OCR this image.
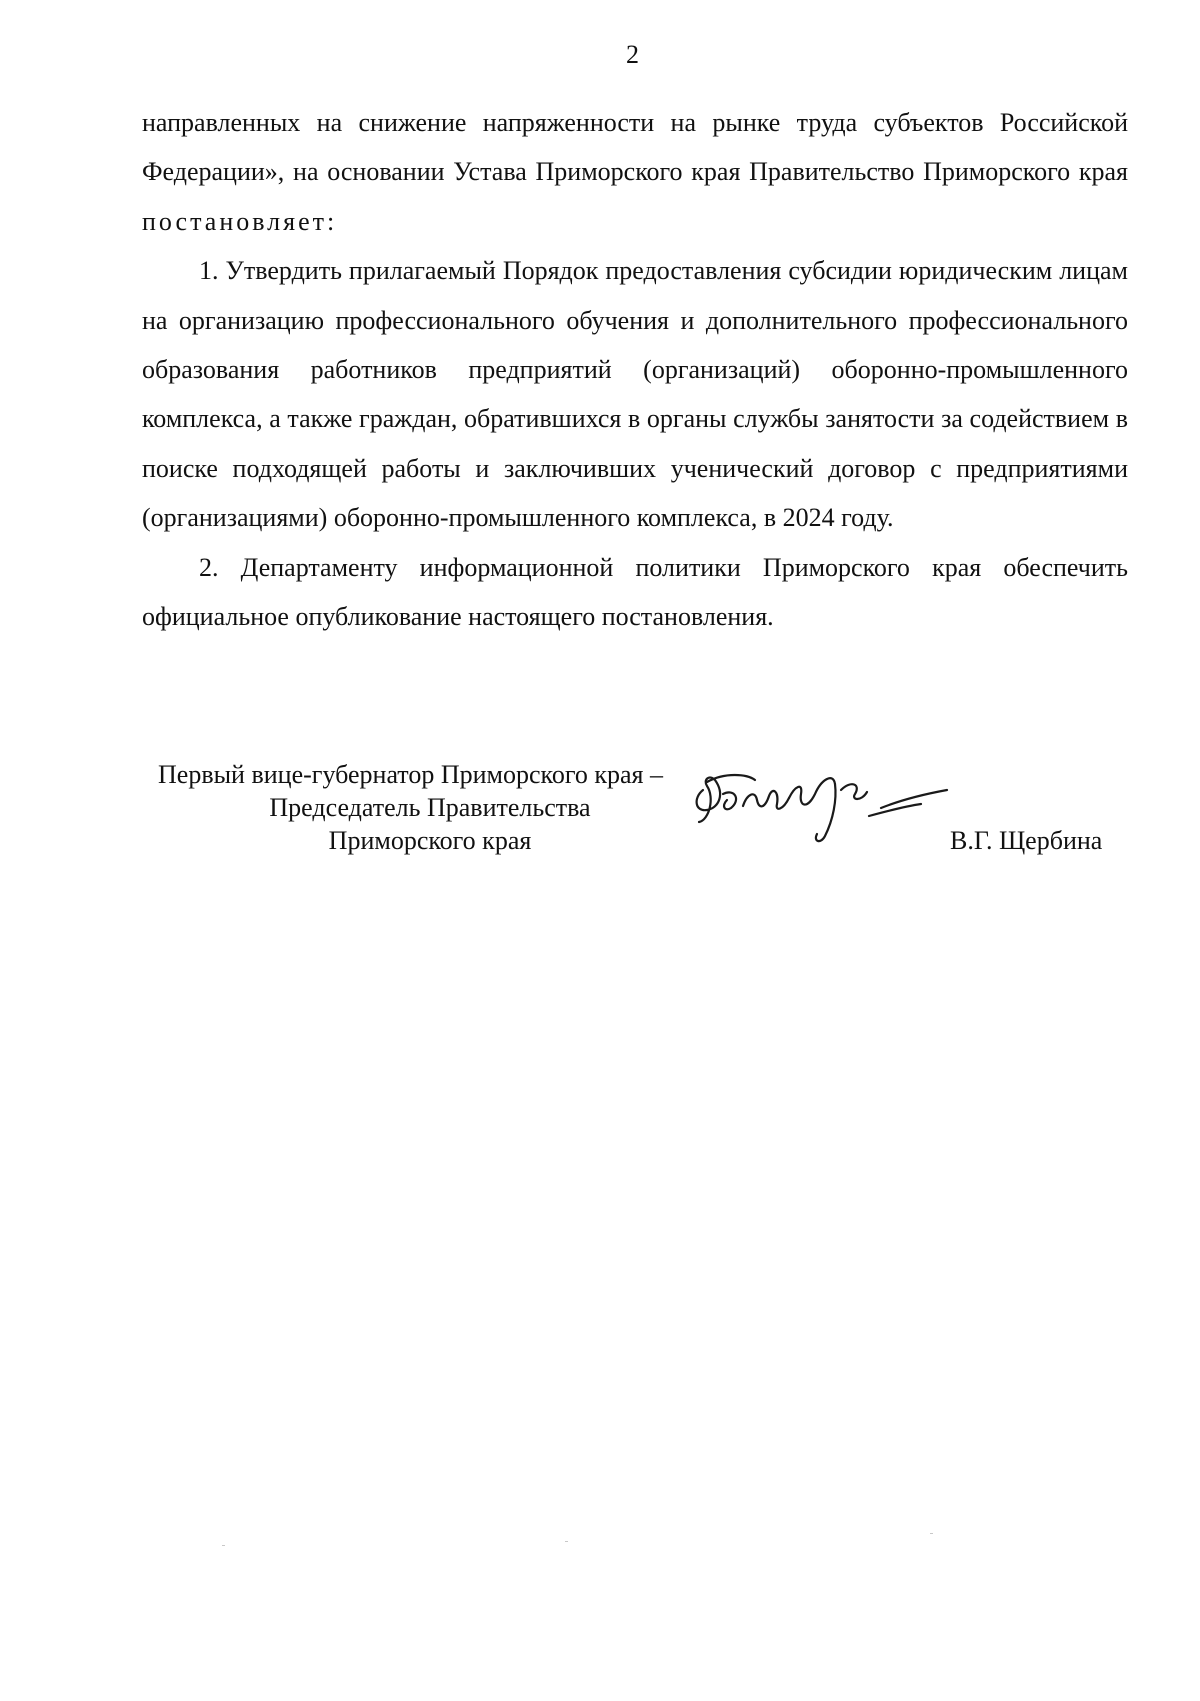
2

направленных на снижение напряженности на рынке труда субъектов Российской Федерации», на основании Устава Приморского края Правительство Приморского края постановляет:

1. Утвердить прилагаемый Порядок предоставления субсидии юридическим лицам на организацию профессионального обучения и дополнительного профессионального образования работников предприятий (организаций) оборонно-промышленного комплекса, а также граждан, обратившихся в органы службы занятости за содействием в поиске подходящей работы и заключивших ученический договор с предприятиями (организациями) оборонно-промышленного комплекса, в 2024 году.

2. Департаменту информационной политики Приморского края обеспечить официальное опубликование настоящего постановления.

Первый вице-губернатор Приморского края –
Председатель Правительства
Приморского края	В.Г. Щербина
